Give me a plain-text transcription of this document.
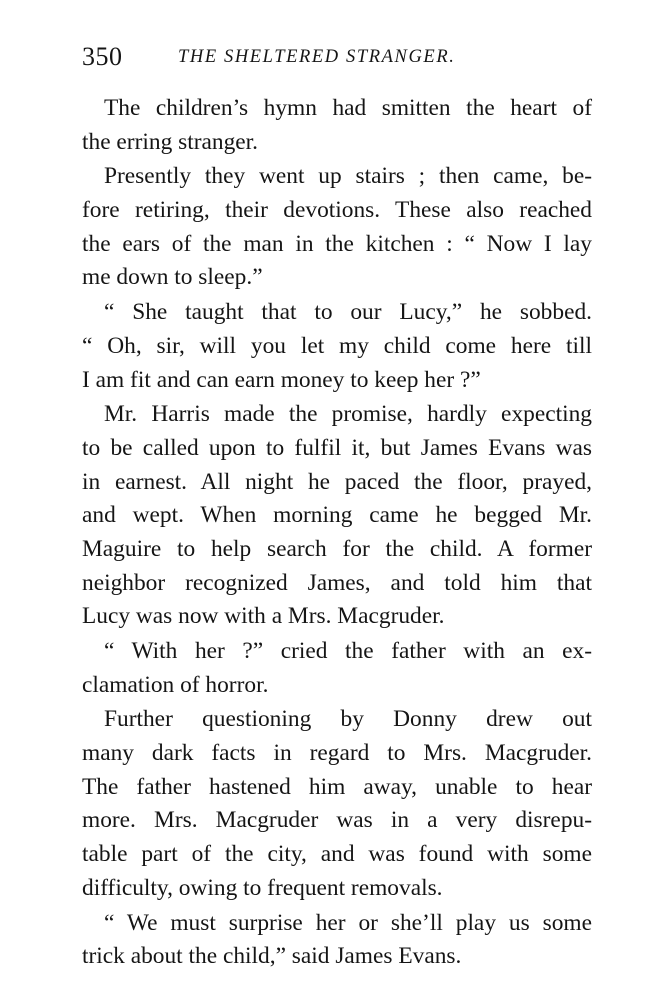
350	THE SHELTERED STRANGER.
The children’s hymn had smitten the heart of
the erring stranger.
Presently they went up stairs ; then came, be-
fore retiring, their devotions. These also reached
the ears of the man in the kitchen : “ Now I lay
me down to sleep.”
“ She taught that to our Lucy,” he sobbed.
“ Oh, sir, will you let my child come here till
I am fit and can earn money to keep her ?”
Mr. Harris made the promise, hardly expecting
to be called upon to fulfil it, but James Evans was
in earnest. All night he paced the floor, prayed,
and wept. When morning came he begged Mr.
Maguire to help search for the child. A former
neighbor recognized James, and told him that
Lucy was now with a Mrs. Macgruder.
“ With her ?” cried the father with an ex-
clamation of horror.
Further questioning by Donny drew out
many dark facts in regard to Mrs. Macgruder.
The father hastened him away, unable to hear
more. Mrs. Macgruder was in a very disrepu-
table part of the city, and was found with some
difficulty, owing to frequent removals.
“ We must surprise her or she’ll play us some
trick about the child,” said James Evans.
